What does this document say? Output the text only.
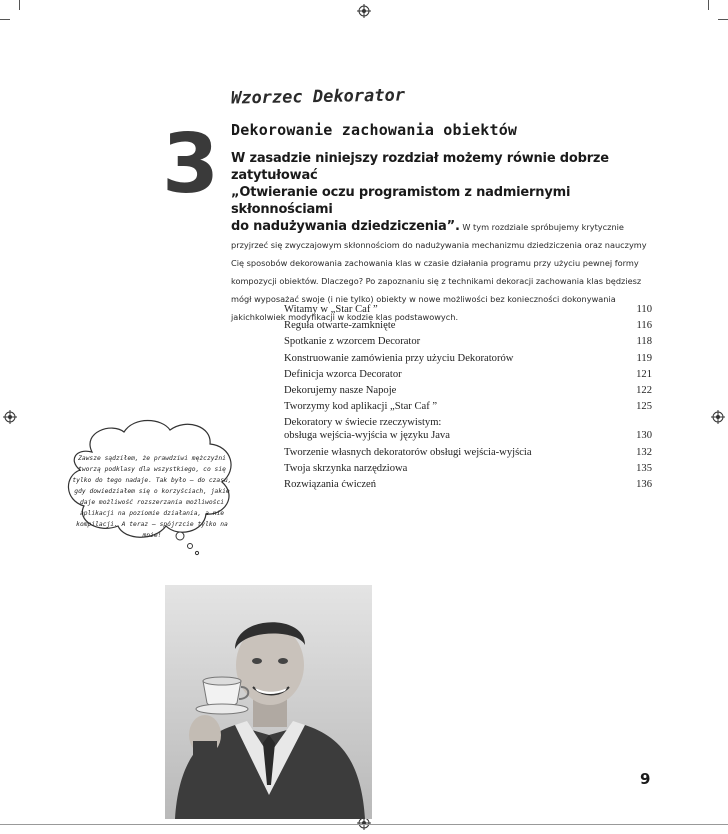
3
Wzorzec Dekorator
Dekorowanie zachowania obiektów
W zasadzie niniejszy rozdział możemy równie dobrze zatytułować
„Otwieranie oczu programistom z nadmiernymi skłonnościami
do nadużywania dziedziczenia”. W tym rozdziale spróbujemy krytycznie przyjrzeć się zwyczajowym skłonnościom do nadużywania mechanizmu dziedziczenia oraz nauczymy Cię sposobów dekorowania zachowania klas w czasie działania programu przy użyciu pewnej formy kompozycji obiektów. Dlaczego? Po zapoznaniu się z technikami dekoracji zachowania klas będziesz mógł wyposażać swoje (i nie tylko) obiekty w nowe możliwości bez konieczności dokonywania jakichkolwiek modyfikacji w kodzie klas podstawowych.
Witamy w „Star Caf ”	110
Reguła otwarte-zamknięte	116
Spotkanie z wzorcem Decorator	118
Konstruowanie zamówienia przy użyciu Dekoratorów	119
Definicja wzorca Decorator	121
Dekorujemy nasze Napoje	122
Tworzymy kod aplikacji „Star Caf ”	125
Dekoratory w świecie rzeczywistym:
obsługa wejścia-wyjścia w języku Java	130
Tworzenie własnych dekoratorów obsługi wejścia-wyjścia	132
Twoja skrzynka narzędziowa	135
Rozwiązania ćwiczeń	136
Zawsze sądziłem, że prawdziwi mężczyźni tworzą podklasy dla wszystkiego, co się tylko do tego nadaje. Tak było — do czasu, gdy dowiedziałem się o korzyściach, jakie daje możliwość rozszerzania możliwości aplikacji na poziomie działania, a nie kompilacji. A teraz — spójrzcie tylko na mnie!
9
